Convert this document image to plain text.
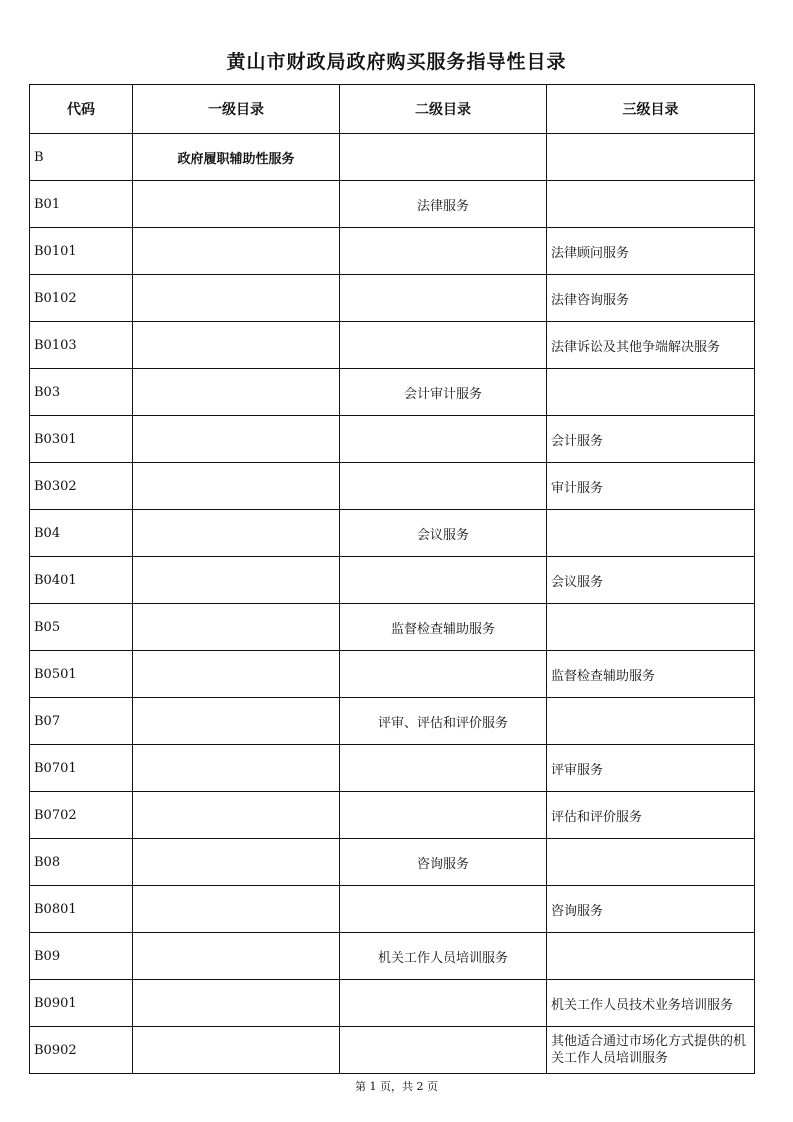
黄山市财政局政府购买服务指导性目录
代码	一级目录	二级目录	三级目录
B	政府履职辅助性服务		
B01		法律服务	
B0101			法律顾问服务
B0102			法律咨询服务
B0103			法律诉讼及其他争端解决服务
B03		会计审计服务	
B0301			会计服务
B0302			审计服务
B04		会议服务	
B0401			会议服务
B05		监督检查辅助服务	
B0501			监督检查辅助服务
B07		评审、评估和评价服务	
B0701			评审服务
B0702			评估和评价服务
B08		咨询服务	
B0801			咨询服务
B09		机关工作人员培训服务	
B0901			机关工作人员技术业务培训服务
B0902			其他适合通过市场化方式提供的机关工作人员培训服务
第 1 页，共 2 页
